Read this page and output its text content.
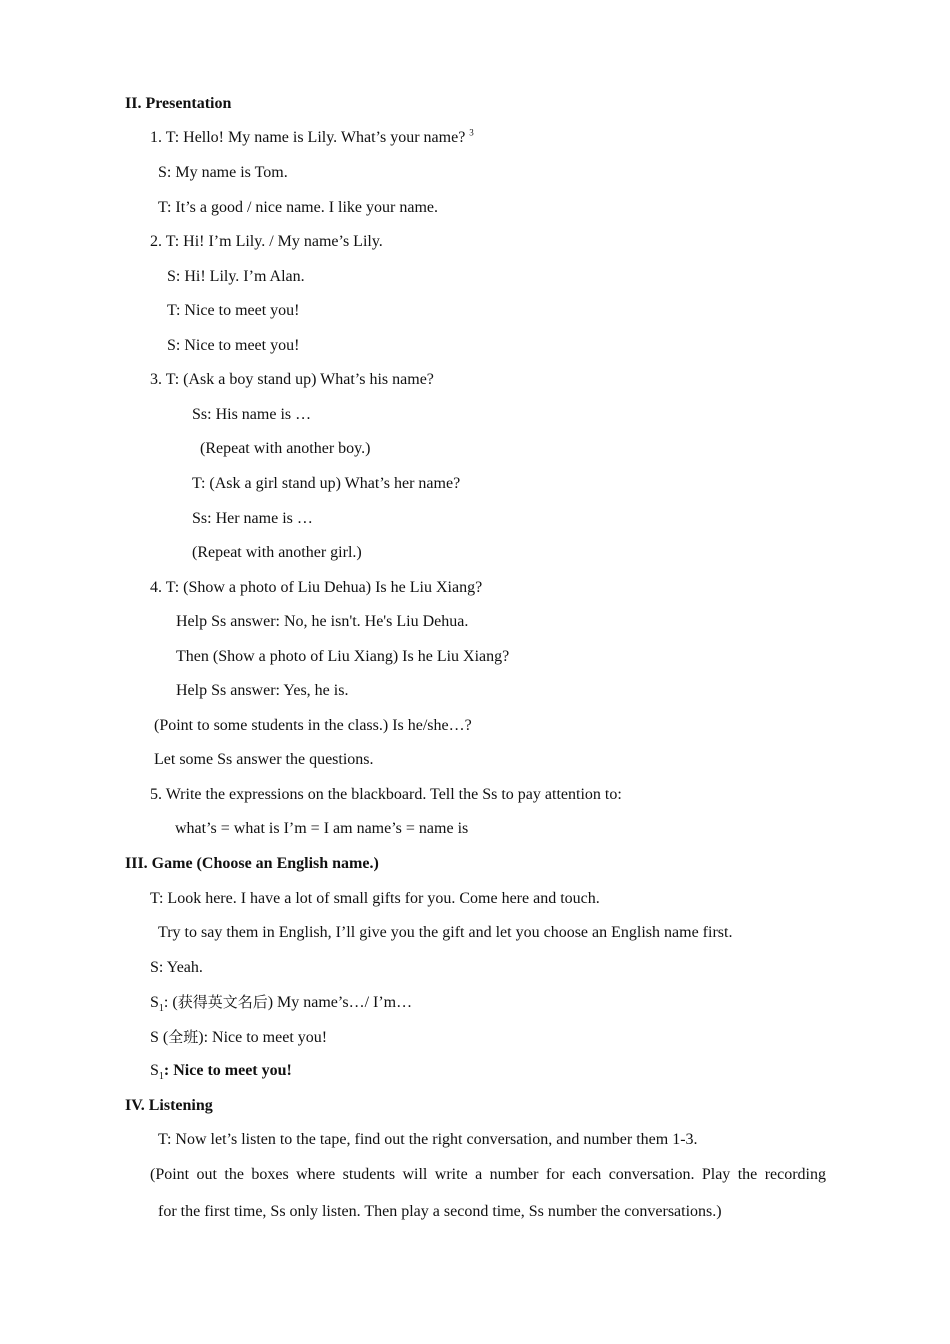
II. Presentation
1. T: Hello! My name is Lily. What’s your name? $^3$
S: My name is Tom.
T: It’s a good / nice name. I like your name.
2. T: Hi! I’m Lily. / My name’s Lily.
S: Hi! Lily. I’m Alan.
T: Nice to meet you!
S: Nice to meet you!
3. T: (Ask a boy stand up) What’s his name?
Ss: His name is …
(Repeat with another boy.)
T: (Ask a girl stand up) What’s her name?
Ss: Her name is …
(Repeat with another girl.)
4. T: (Show a photo of Liu Dehua) Is he Liu Xiang?
Help Ss answer: No, he isn't. He's Liu Dehua.
Then (Show a photo of Liu Xiang) Is he Liu Xiang?
Help Ss answer: Yes, he is.
(Point to some students in the class.) Is he/she…?
Let some Ss answer the questions.
5. Write the expressions on the blackboard. Tell the Ss to pay attention to:
what’s = what is I’m = I am name’s = name is
III. Game (Choose an English name.)
T: Look here. I have a lot of small gifts for you. Come here and touch.
Try to say them in English, I’ll give you the gift and let you choose an English name first.
S: Yeah.
$S_1$: (获得英文名后) My name’s…/ I’m…
S (全班): Nice to meet you!
$S_1$: Nice to meet you!
IV. Listening
T: Now let’s listen to the tape, find out the right conversation, and number them 1-3.
(Point out the boxes where students will write a number for each conversation. Play the recording
for the first time, Ss only listen. Then play a second time, Ss number the conversations.)
